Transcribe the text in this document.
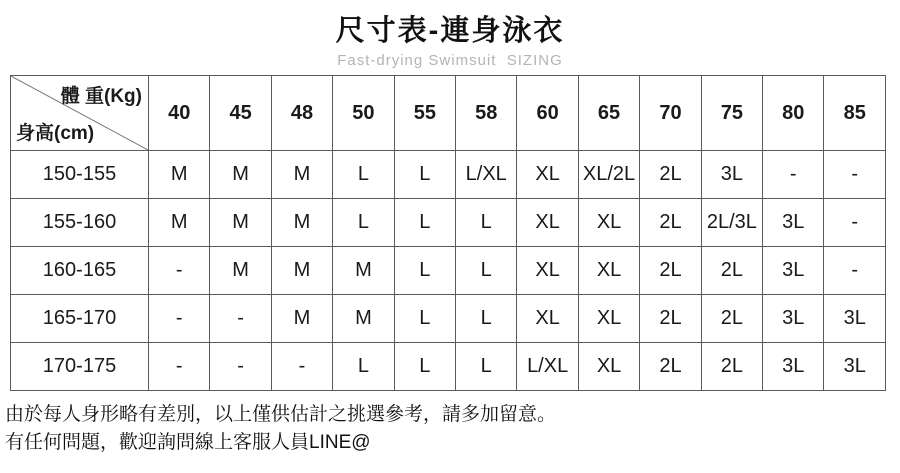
尺寸表-連身泳衣
Fast-drying Swimsuit  SIZING
體 重(Kg)
身高(cm)	40	45	48	50	55	58	60	65	70	75	80	85
150-155	M	M	M	L	L	L/XL	XL	XL/2L	2L	3L	-	-
155-160	M	M	M	L	L	L	XL	XL	2L	2L/3L	3L	-
160-165	-	M	M	M	L	L	XL	XL	2L	2L	3L	-
165-170	-	-	M	M	L	L	XL	XL	2L	2L	3L	3L
170-175	-	-	-	L	L	L	L/XL	XL	2L	2L	3L	3L
由於每人身形略有差別，以上僅供估計之挑選參考，請多加留意。
有任何問題，歡迎詢問線上客服人員LINE@
